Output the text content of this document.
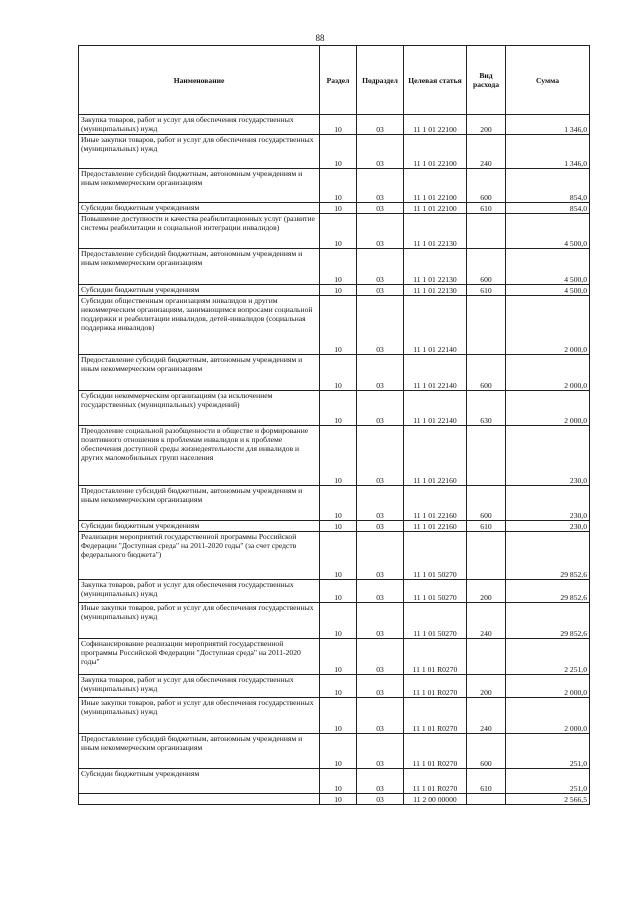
88
Наименование	Раздел	Подраздел	Целевая статья	Вид расхода	Сумма
Закупка товаров, работ и услуг для обеспечения государственных (муниципальных) нужд	10	03	11 1 01 22100	200	1 346,0
Иные закупки товаров, работ и услуг для обеспечения государственных (муниципальных) нужд	10	03	11 1 01 22100	240	1 346,0
Предоставление субсидий бюджетным, автономным учреждениям и иным некоммерческим организациям	10	03	11 1 01 22100	600	854,0
Субсидии бюджетным учреждениям	10	03	11 1 01 22100	610	854,0
Повышение доступности и качества реабилитационных услуг (развитие системы реабилитации и социальной интеграции инвалидов)	10	03	11 1 01 22130		4 500,0
Предоставление субсидий бюджетным, автономным учреждениям и иным некоммерческим организациям	10	03	11 1 01 22130	600	4 500,0
Субсидии бюджетным учреждениям	10	03	11 1 01 22130	610	4 500,0
Субсидии общественным организациям инвалидов и другим некоммерческим организациям, занимающимся вопросами социальной поддержки и реабилитации инвалидов, детей-инвалидов (социальная поддержка инвалидов)	10	03	11 1 01 22140		2 000,0
Предоставление субсидий бюджетным, автономным учреждениям и иным некоммерческим организациям	10	03	11 1 01 22140	600	2 000,0
Субсидии некоммерческим организациям (за исключением государственных (муниципальных) учреждений)	10	03	11 1 01 22140	630	2 000,0
Преодоление социальной разобщенности в обществе и формирование позитивного отношения к проблемам инвалидов и к проблеме обеспечения доступной среды жизнедеятельности для инвалидов и других маломобильных групп населения	10	03	11 1 01 22160		230,0
Предоставление субсидий бюджетным, автономным учреждениям и иным некоммерческим организациям	10	03	11 1 01 22160	600	230,0
Субсидии бюджетным учреждениям	10	03	11 1 01 22160	610	230,0
Реализация мероприятий государственной программы Российской Федерации "Доступная среда" на 2011-2020 годы" (за счет средств федерального бюджета")	10	03	11 1 01 50270		29 852,6
Закупка товаров, работ и услуг для обеспечения государственных (муниципальных) нужд	10	03	11 1 01 50270	200	29 852,6
Иные закупки товаров, работ и услуг для обеспечения государственных (муниципальных) нужд	10	03	11 1 01 50270	240	29 852,6
Софинансирование реализации мероприятий государственной программы Российской Федерации "Доступная среда" на 2011-2020 годы"	10	03	11 1 01 R0270		2 251,0
Закупка товаров, работ и услуг для обеспечения государственных (муниципальных) нужд	10	03	11 1 01 R0270	200	2 000,0
Иные закупки товаров, работ и услуг для обеспечения государственных (муниципальных) нужд	10	03	11 1 01 R0270	240	2 000,0
Предоставление субсидий бюджетным, автономным учреждениям и иным некоммерческим организациям	10	03	11 1 01 R0270	600	251,0
Субсидии бюджетным учреждениям	10	03	11 1 01 R0270	610	251,0
	10	03	11 2 00 00000		2 566,5
